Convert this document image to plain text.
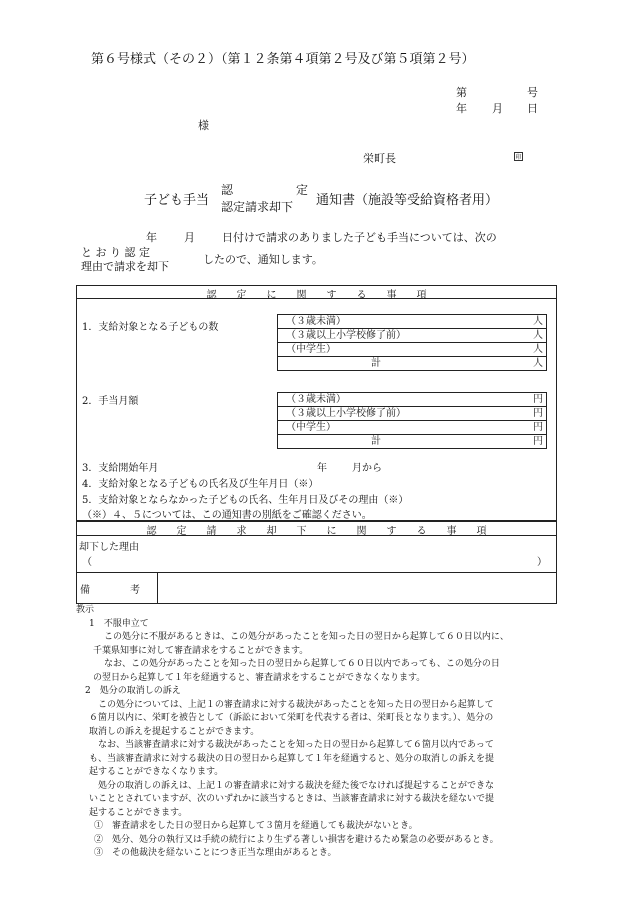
第６号様式（その２）（第１２条第４項第２号及び第５項第２号）
第	号
年 月 日
様
栄町長	印
子ども手当
認	定
認定請求却下 通知書（施設等受給資格者用）
年 月 日付けで請求のありました子ども手当については、次の
と お り 認 定
理由で請求を却下
したので、通知します。
認　　定　　に　　関　　す　　る　　事　　項
1．支給対象となる子どもの数
（３歳未満）	人
（３歳以上小学校修了前）	人
（中学生）	人
計	人
2．手当月額	（３歳未満）	円
（３歳以上小学校修了前）	円
（中学生）	円
計	円
3．支給開始年月	年	月から
4．支給対象となる子どもの氏名及び生年月日（※）
5．支給対象とならなかった子どもの氏名、生年月日及びその理由（※）
（※）４、５については、この通知書の別紙をご確認ください。
認　　定　　請　　求　　却　　下　　に　　関　　す　　る　　事　　項
却下した理由
（	）
備　　　　考

教示

1　不服申立て

この処分に不服があるときは、この処分があったことを知った日の翌日から起算して６０日以内に、

千葉県知事に対して審査請求をすることができます。

なお、この処分があったことを知った日の翌日から起算して６０日以内であっても、この処分の日

の翌日から起算して１年を経過すると、審査請求をすることができなくなります。

2　処分の取消しの訴え

この処分については、上記１の審査請求に対する裁決があったことを知った日の翌日から起算して

６箇月以内に、栄町を被告として（訴訟において栄町を代表する者は、栄町長となります。）、処分の

取消しの訴えを提起することができます。

なお、当該審査請求に対する裁決があったことを知った日の翌日から起算して６箇月以内であって

も、当該審査請求に対する裁決の日の翌日から起算して１年を経過すると、処分の取消しの訴えを提

起することができなくなります。

処分の取消しの訴えは、上記１の審査請求に対する裁決を経た後でなければ提起することができな

いこととされていますが、次のいずれかに該当するときは、当該審査請求に対する裁決を経ないで提

起することができます。

①　審査請求をした日の翌日から起算して３箇月を経過しても裁決がないとき。

②　処分、処分の執行又は手続の続行により生ずる著しい損害を避けるため緊急の必要があるとき。

③　その他裁決を経ないことにつき正当な理由があるとき。
